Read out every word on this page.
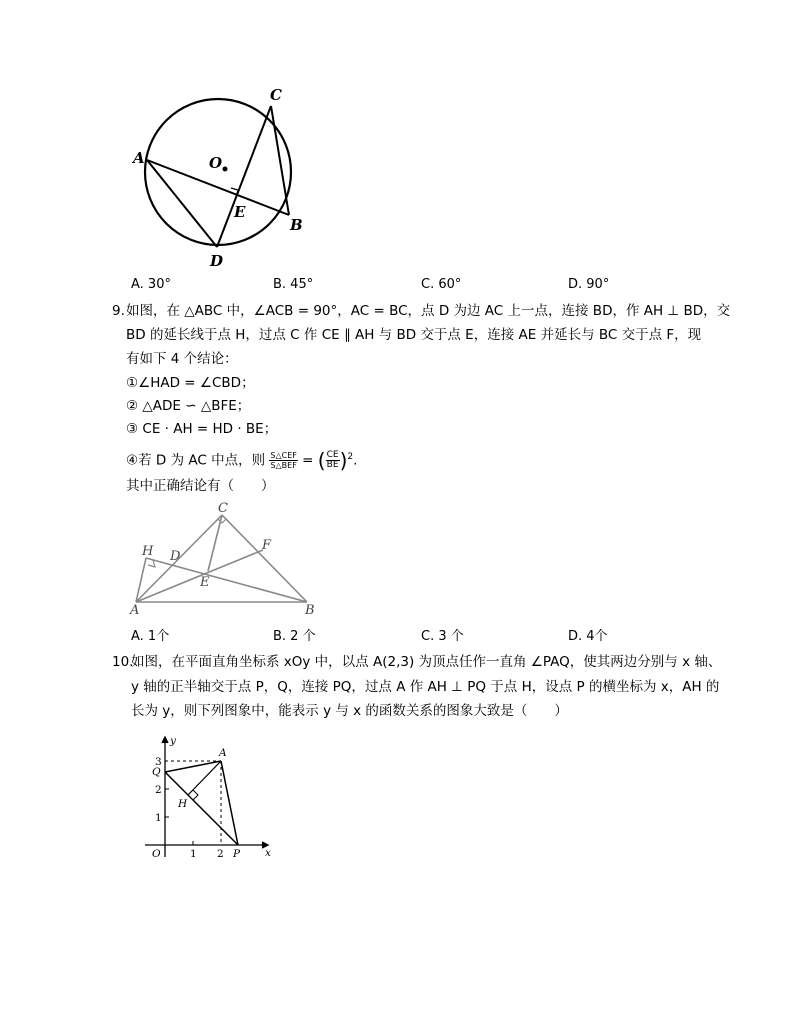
A
C
O
E
B
D
A. 30°	B. 45°	C. 60°	D. 90°
9. 如图，在 △ABC 中，∠ACB = 90°，AC = BC，点 D 为边 AC 上一点，连接 BD，作 AH ⊥ BD，交
BD 的延长线于点 H，过点 C 作 CE ∥ AH 与 BD 交于点 E，连接 AE 并延长与 BC 交于点 F，现
有如下 4 个结论：
①∠HAD = ∠CBD；
② △ADE ∽ △BFE；
③ CE · AH = HD · BE；
④若 D 为 AC 中点，则 $\frac{\text{S△CEF}}{\text{S△BEF}}$ = ( $\frac{CE}{BE} )^2$.
其中正确结论有（　　）
H D
C
F
E
A	B
A. 1个	B. 2 个	C. 3 个	D. 4个
10.
如图，在平面直角坐标系 xOy 中，以点 A(2,3) 为顶点任作一直角 ∠PAQ，使其两边分别与 x 轴、
y 轴的正半轴交于点 P，Q，连接 PQ，过点 A 作 AH ⊥ PQ 于点 H，设点 P 的横坐标为 x，AH 的
长为 y，则下列图象中，能表示 y 与 x 的函数关系的图象大致是（　　）
y
x
O
A
Q
H
P
3
2
1
1 2
